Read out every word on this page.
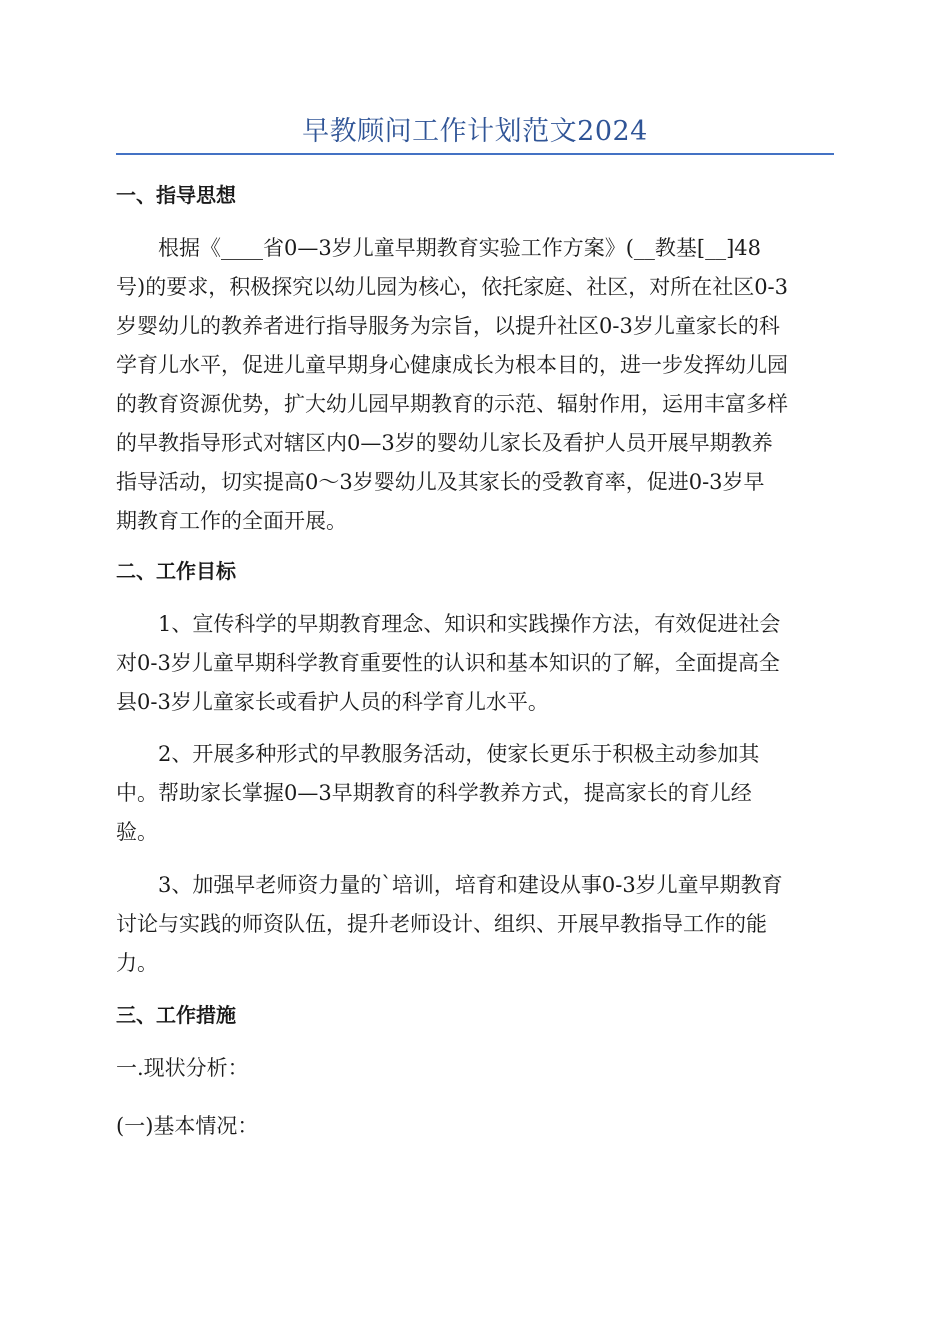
早教顾问工作计划范文2024
一、指导思想
根据《____省0—3岁儿童早期教育实验工作方案》(__教基[__]48
号)的要求，积极探究以幼儿园为核心，依托家庭、社区，对所在社区0-3
岁婴幼儿的教养者进行指导服务为宗旨，以提升社区0-3岁儿童家长的科
学育儿水平，促进儿童早期身心健康成长为根本目的，进一步发挥幼儿园
的教育资源优势，扩大幼儿园早期教育的示范、辐射作用，运用丰富多样
的早教指导形式对辖区内0—3岁的婴幼儿家长及看护人员开展早期教养
指导活动，切实提高0～3岁婴幼儿及其家长的受教育率，促进0-3岁早
期教育工作的全面开展。
二、工作目标
1、宣传科学的早期教育理念、知识和实践操作方法，有效促进社会
对0-3岁儿童早期科学教育重要性的认识和基本知识的了解，全面提高全
县0-3岁儿童家长或看护人员的科学育儿水平。
2、开展多种形式的早教服务活动，使家长更乐于积极主动参加其
中。帮助家长掌握0—3早期教育的科学教养方式，提高家长的育儿经
验。
3、加强早老师资力量的`培训，培育和建设从事0-3岁儿童早期教育
讨论与实践的师资队伍，提升老师设计、组织、开展早教指导工作的能
力。
三、工作措施
一.现状分析：
(一)基本情况：
